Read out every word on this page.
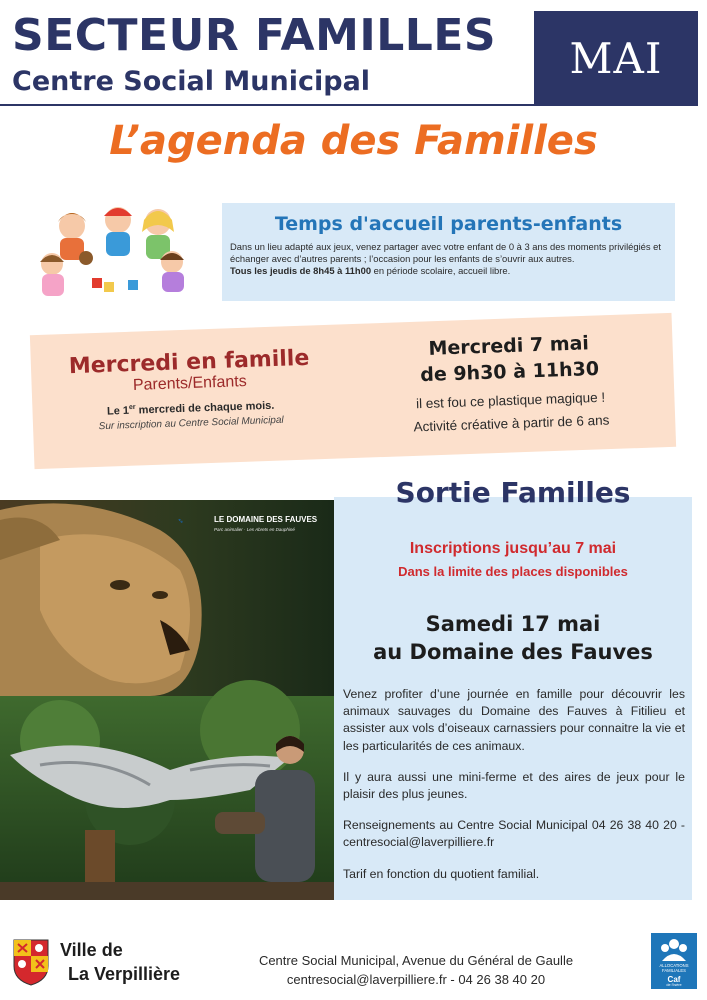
SECTEUR FAMILLES
Centre Social Municipal	MAI
L’agenda des Familles
Temps d'accueil parents-enfants

Dans un lieu adapté aux jeux, venez partager avec votre enfant de 0 à 3 ans des moments privilégiés et échanger avec d’autres parents ; l’occasion pour les enfants de s’ouvrir aux autres.
Tous les jeudis de 8h45 à 11h00 en période scolaire, accueil libre.

Mercredi en famille
Parents/Enfants
Le 1er mercredi de chaque mois.
Sur inscription au Centre Social Municipal
Mercredi 7 mai
de 9h30 à 11h30
il est fou ce plastique magique !
Activité créative à partir de 6 ans
🐾	LE DOMAINE DES FAUVES
Parc animalier · Les Abrets en Dauphiné
Sortie Familles
Inscriptions jusqu’au 7 mai
Dans la limite des places disponibles
Samedi 17 mai
au Domaine des Fauves

Venez profiter d’une journée en famille pour découvrir les animaux sauvages du Domaine des Fauves à Fitilieu et assister aux vols d’oiseaux carnassiers pour connaitre la vie et les particularités de ces animaux.

Il y aura aussi une mini-ferme et des aires de jeux pour le plaisir des plus jeunes.

Renseignements au Centre Social Municipal 04 26 38 40 20 - centresocial@laverpilliere.fr

Tarif en fonction du quotient familial.

Ville de
La Verpillière
Centre Social Municipal, Avenue du Général de Gaulle
centresocial@laverpilliere.fr - 04 26 38 40 20
ALLOCATIONS FAMILIALES
Caf
de l'Isère
